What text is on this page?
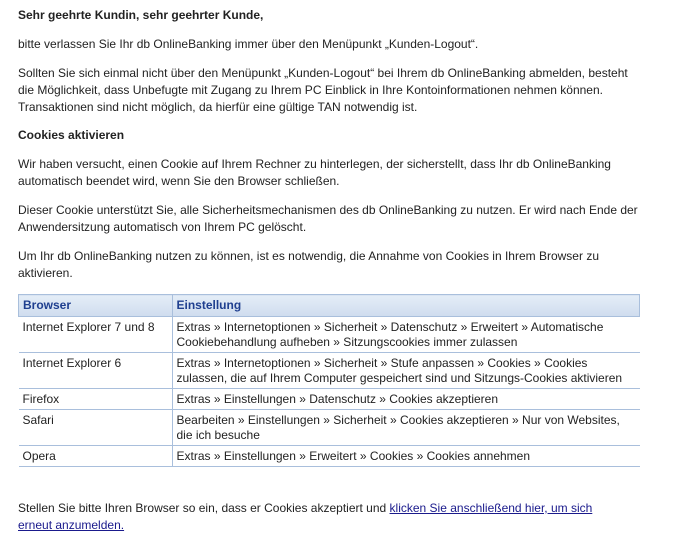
Sehr geehrte Kundin, sehr geehrter Kunde,

bitte verlassen Sie Ihr db OnlineBanking immer über den Menüpunkt „Kunden-Logout“.

Sollten Sie sich einmal nicht über den Menüpunkt „Kunden-Logout“ bei Ihrem db OnlineBanking abmelden, besteht die Möglichkeit, dass Unbefugte mit Zugang zu Ihrem PC Einblick in Ihre Kontoinformationen nehmen können. Transaktionen sind nicht möglich, da hierfür eine gültige TAN notwendig ist.

Cookies aktivieren

Wir haben versucht, einen Cookie auf Ihrem Rechner zu hinterlegen, der sicherstellt, dass Ihr db OnlineBanking automatisch beendet wird, wenn Sie den Browser schließen.

Dieser Cookie unterstützt Sie, alle Sicherheitsmechanismen des db OnlineBanking zu nutzen. Er wird nach Ende der Anwendersitzung automatisch von Ihrem PC gelöscht.

Um Ihr db OnlineBanking nutzen zu können, ist es notwendig, die Annahme von Cookies in Ihrem Browser zu aktivieren.

Browser	Einstellung
Internet Explorer 7 und 8	Extras » Internetoptionen » Sicherheit » Datenschutz » Erweitert » Automatische Cookiebehandlung aufheben » Sitzungscookies immer zulassen
Internet Explorer 6	Extras » Internetoptionen » Sicherheit » Stufe anpassen » Cookies » Cookies zulassen, die auf Ihrem Computer gespeichert sind und Sitzungs-Cookies aktivieren
Firefox	Extras » Einstellungen » Datenschutz » Cookies akzeptieren
Safari	Bearbeiten » Einstellungen » Sicherheit » Cookies akzeptieren » Nur von Websites, die ich besuche
Opera	Extras » Einstellungen » Erweitert » Cookies » Cookies annehmen

Stellen Sie bitte Ihren Browser so ein, dass er Cookies akzeptiert und klicken Sie anschließend hier, um sich erneut anzumelden.
